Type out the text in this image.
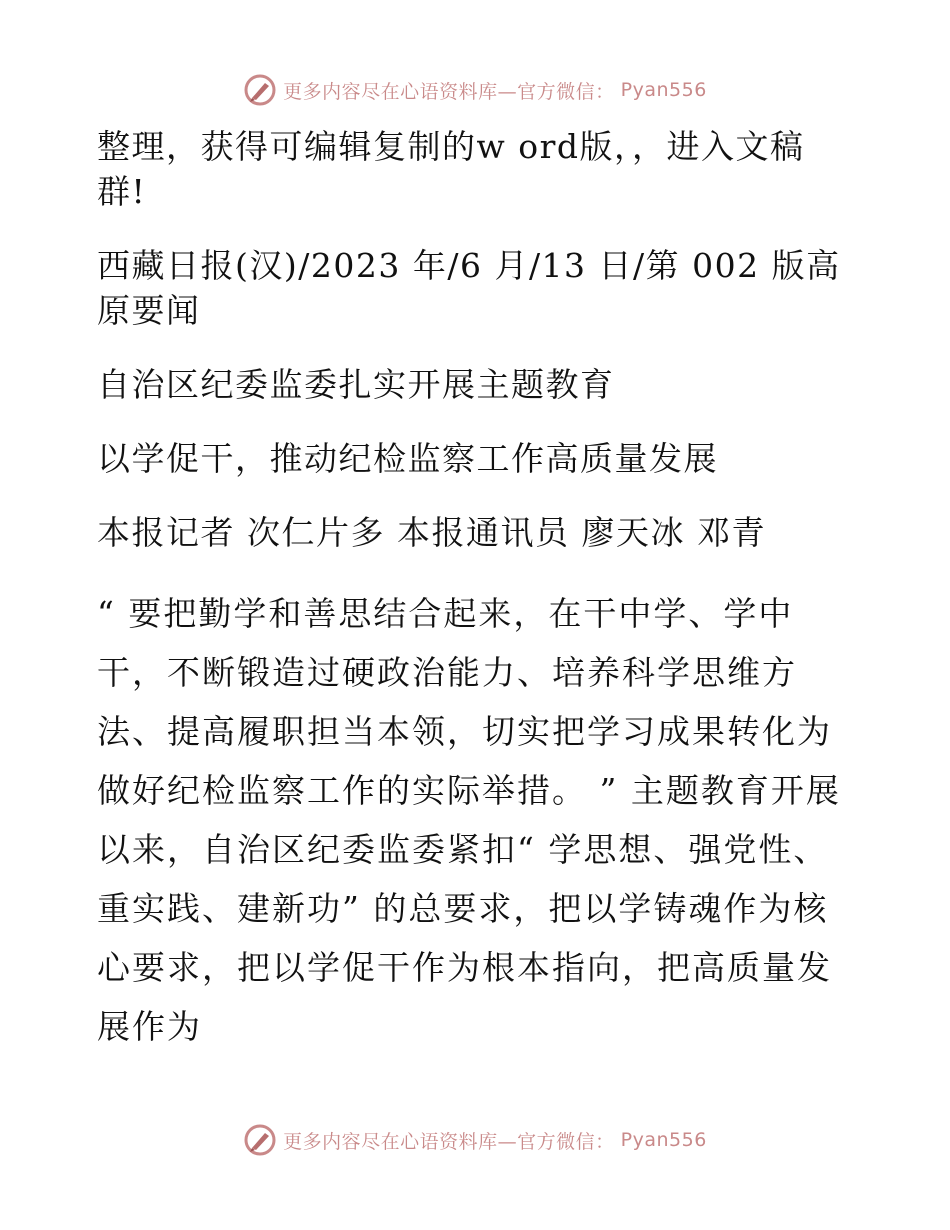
更多内容尽在心语资料库—官方微信： Pyan556

整理，获得可编辑复制的w ord版，，进入文稿群!

西藏日报(汉)/2023 年/6 月/13 日/第 002 版高原要闻

自治区纪委监委扎实开展主题教育

以学促干，推动纪检监察工作高质量发展

本报记者 次仁片多 本报通讯员 廖天冰 邓青

“ 要把勤学和善思结合起来，在干中学、学中干，不断锻造过硬政治能力、培养科学思维方法、提高履职担当本领，切实把学习成果转化为做好纪检监察工作的实际举措。 ” 主题教育开展以来，自治区纪委监委紧扣“ 学思想、强党性、重实践、建新功” 的总要求，把以学铸魂作为核心要求，把以学促干作为根本指向，把高质量发展作为

更多内容尽在心语资料库—官方微信： Pyan556
